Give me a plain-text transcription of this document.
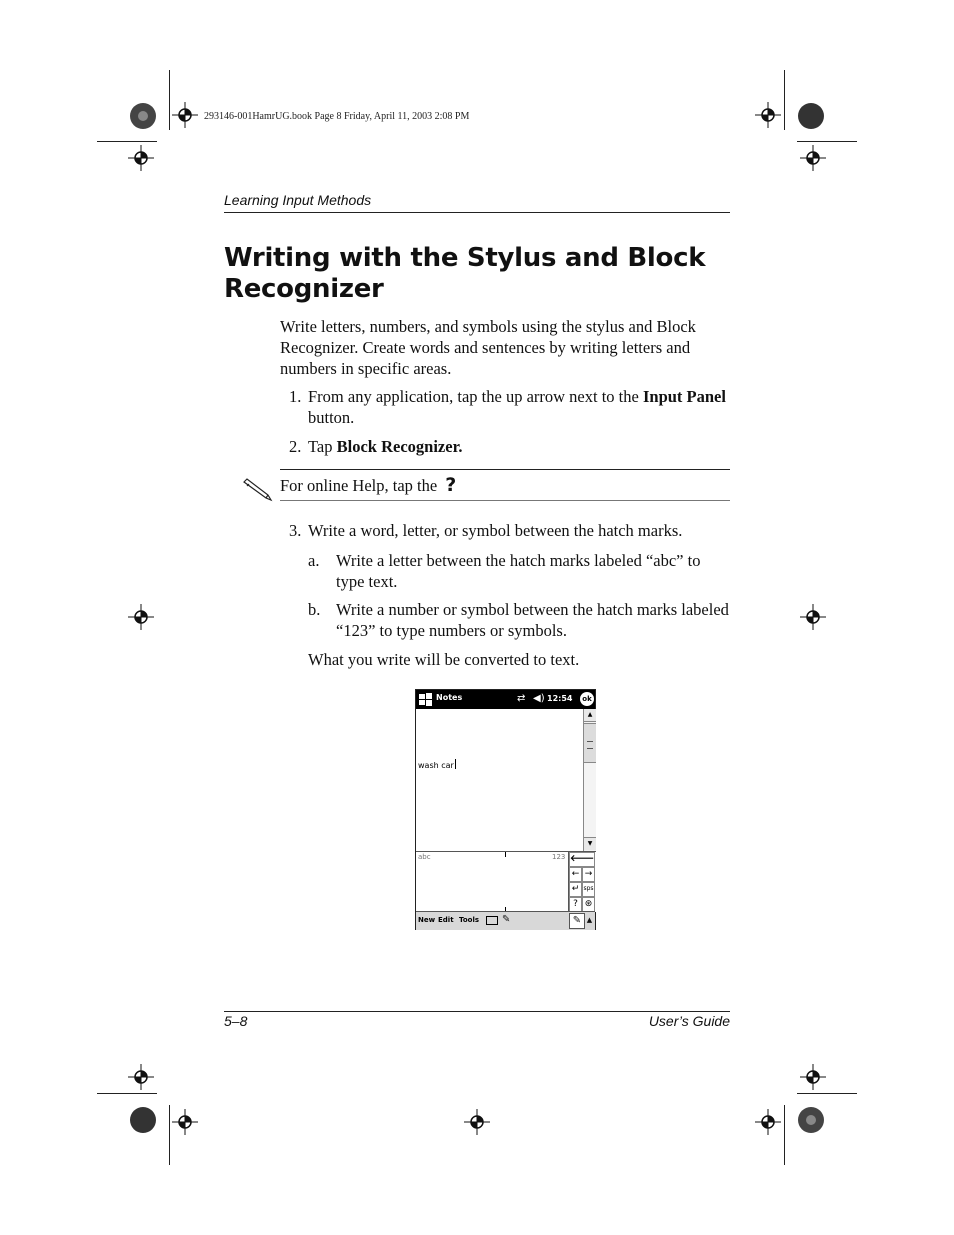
293146-001HamrUG.book Page 8 Friday, April 11, 2003 2:08 PM
Learning Input Methods
Writing with the Stylus and Block Recognizer
Write letters, numbers, and symbols using the stylus and Block Recognizer. Create words and sentences by writing letters and numbers in specific areas.
1. From any application, tap the up arrow next to the Input Panel button.
2. Tap Block Recognizer.
For online Help, tap the ?
3. Write a word, letter, or symbol between the hatch marks.
a. Write a letter between the hatch marks labeled “abc” to type text.
b. Write a number or symbol between the hatch marks labeled “123” to type numbers or symbols.
What you write will be converted to text.
Notes	⇄ ◀) 12:54	ok
wash car
▲
▼
abc	123 🡐
← →
↵ sps
? ⊛
New Edit Tools ✎	✎ ▲
5–8	User’s Guide
